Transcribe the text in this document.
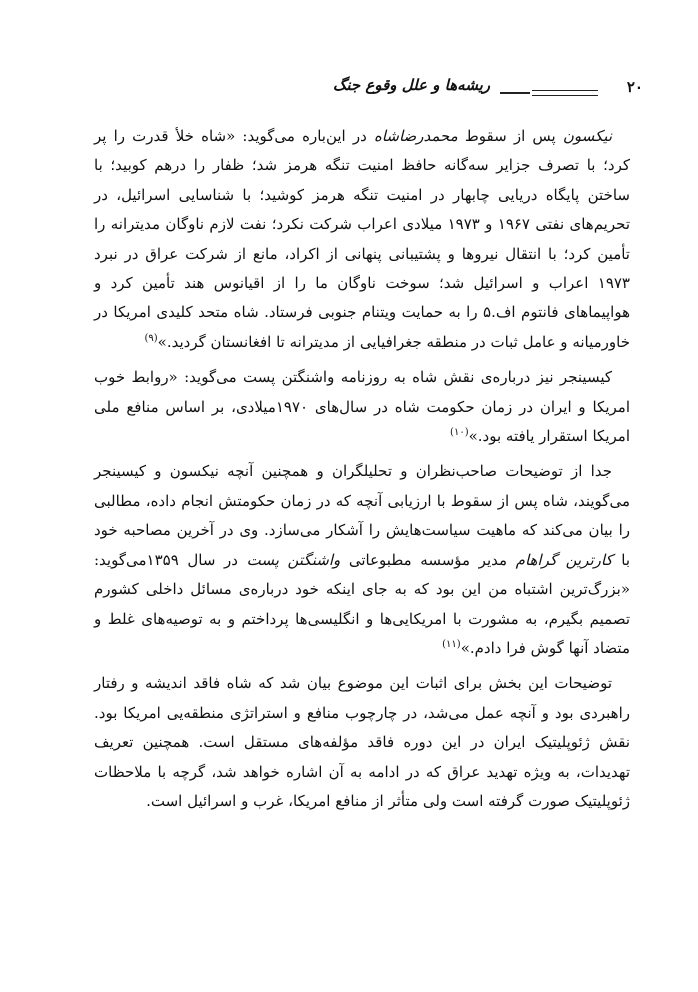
۲۰
ریشه‌ها و علل وقوع جنگ

نیکسون پس از سقوط محمدرضاشاه در این‌باره می‌گوید: «شاه خلأ قدرت را پر کرد؛ با تصرف جزایر سه‌گانه حافظ امنیت تنگه هرمز شد؛ ظفار را درهم کوبید؛ با ساختن پایگاه دریایی چابهار در امنیت تنگه هرمز کوشید؛ با شناسایی اسرائیل، در تحریم‌های نفتی ۱۹۶۷ و ۱۹۷۳ میلادی اعراب شرکت نکرد؛ نفت لازم ناوگان مدیترانه را تأمین کرد؛ با انتقال نیروها و پشتیبانی پنهانی از اکراد، مانع از شرکت عراق در نبرد ۱۹۷۳ اعراب و اسرائیل شد؛ سوخت ناوگان ما را از اقیانوس هند تأمین کرد و هواپیماهای فانتوم اف.۵ را به حمایت ویتنام جنوبی فرستاد. شاه متحد کلیدی امریکا در خاورمیانه و عامل ثبات در منطقه جغرافیایی از مدیترانه تا افغانستان گردید.»$^{(۹)}$

کیسینجر نیز درباره‌ی نقش شاه به روزنامه واشنگتن پست می‌گوید: «روابط خوب امریکا و ایران در زمان حکومت شاه در سال‌های ۱۹۷۰میلادی، بر اساس منافع ملی امریکا استقرار یافته بود.»$^{(۱۰)}$

جدا از توضیحات صاحب‌نظران و تحلیلگران و همچنین آنچه نیکسون و کیسینجر می‌گویند، شاه پس از سقوط با ارزیابی آنچه که در زمان حکومتش انجام داده، مطالبی را بیان می‌کند که ماهیت سیاست‌هایش را آشکار می‌سازد. وی در آخرین مصاحبه خود با کارترین گراهام مدیر مؤسسه مطبوعاتی واشنگتن پست در سال ۱۳۵۹می‌گوید: «بزرگ‌ترین اشتباه من این بود که به جای اینکه خود درباره‌ی مسائل داخلی کشورم تصمیم بگیرم، به مشورت با امریکایی‌ها و انگلیسی‌ها پرداختم و به توصیه‌های غلط و متضاد آنها گوش فرا دادم.»$^{(۱۱)}$

توضیحات این بخش برای اثبات این موضوع بیان شد که شاه فاقد اندیشه و رفتار راهبردی بود و آنچه عمل می‌شد، در چارچوب منافع و استراتژی منطقه‌یی امریکا بود. نقش ژئوپلیتیک ایران در این دوره فاقد مؤلفه‌های مستقل است. همچنین تعریف تهدیدات، به ویژه تهدید عراق که در ادامه به آن اشاره خواهد شد، گرچه با ملاحظات ژئوپلیتیک صورت گرفته است ولی متأثر از منافع امریکا، غرب و اسرائیل است.
